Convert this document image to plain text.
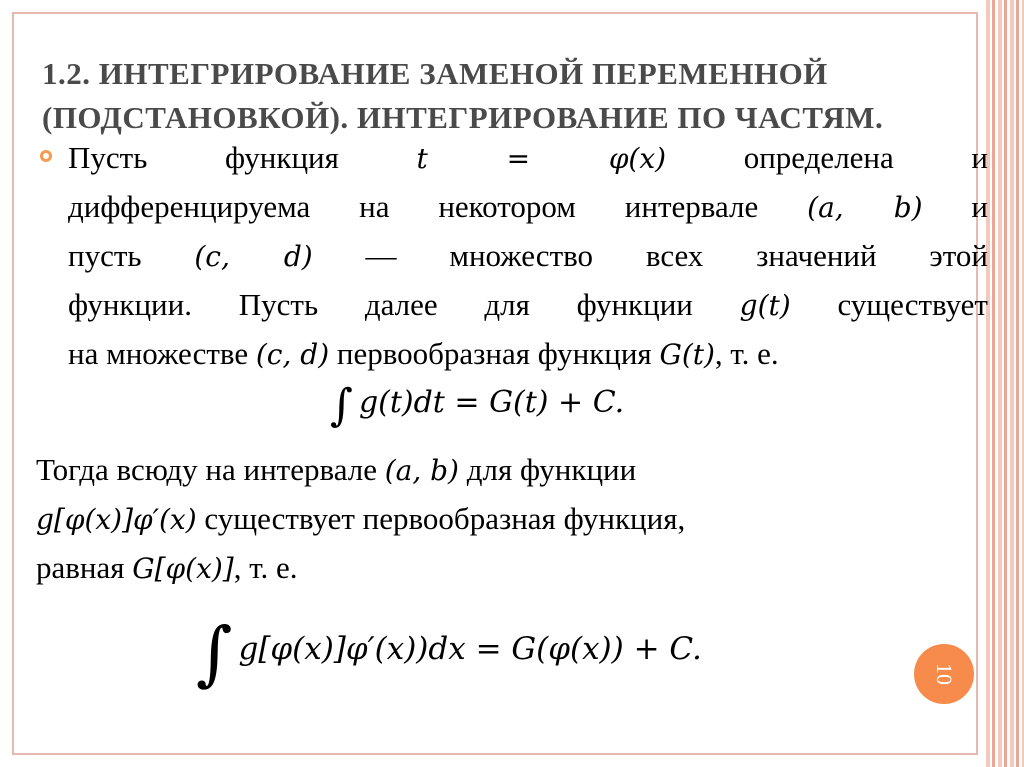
1.2. ИНТЕГРИРОВАНИЕ ЗАМЕНОЙ ПЕРЕМЕННОЙ
(ПОДСТАНОВКОЙ). ИНТЕГРИРОВАНИЕ ПО ЧАСТЯМ.
Пусть функция t = φ(x) определена и
дифференцируема на некотором интервале (a, b) и
пусть (c, d) — множество всех значений этой
функции. Пусть далее для функции g(t) существует
на множестве (c, d) первообразная функция G(t), т. е.
∫ g(t)dt = G(t) + C.
Тогда всюду на интервале (a, b) для функции
g[φ(x)]φ′(x) существует первообразная функция,
равная G[φ(x)], т. е.
∫ g[φ(x)]φ′(x))dx = G(φ(x)) + C.
10
